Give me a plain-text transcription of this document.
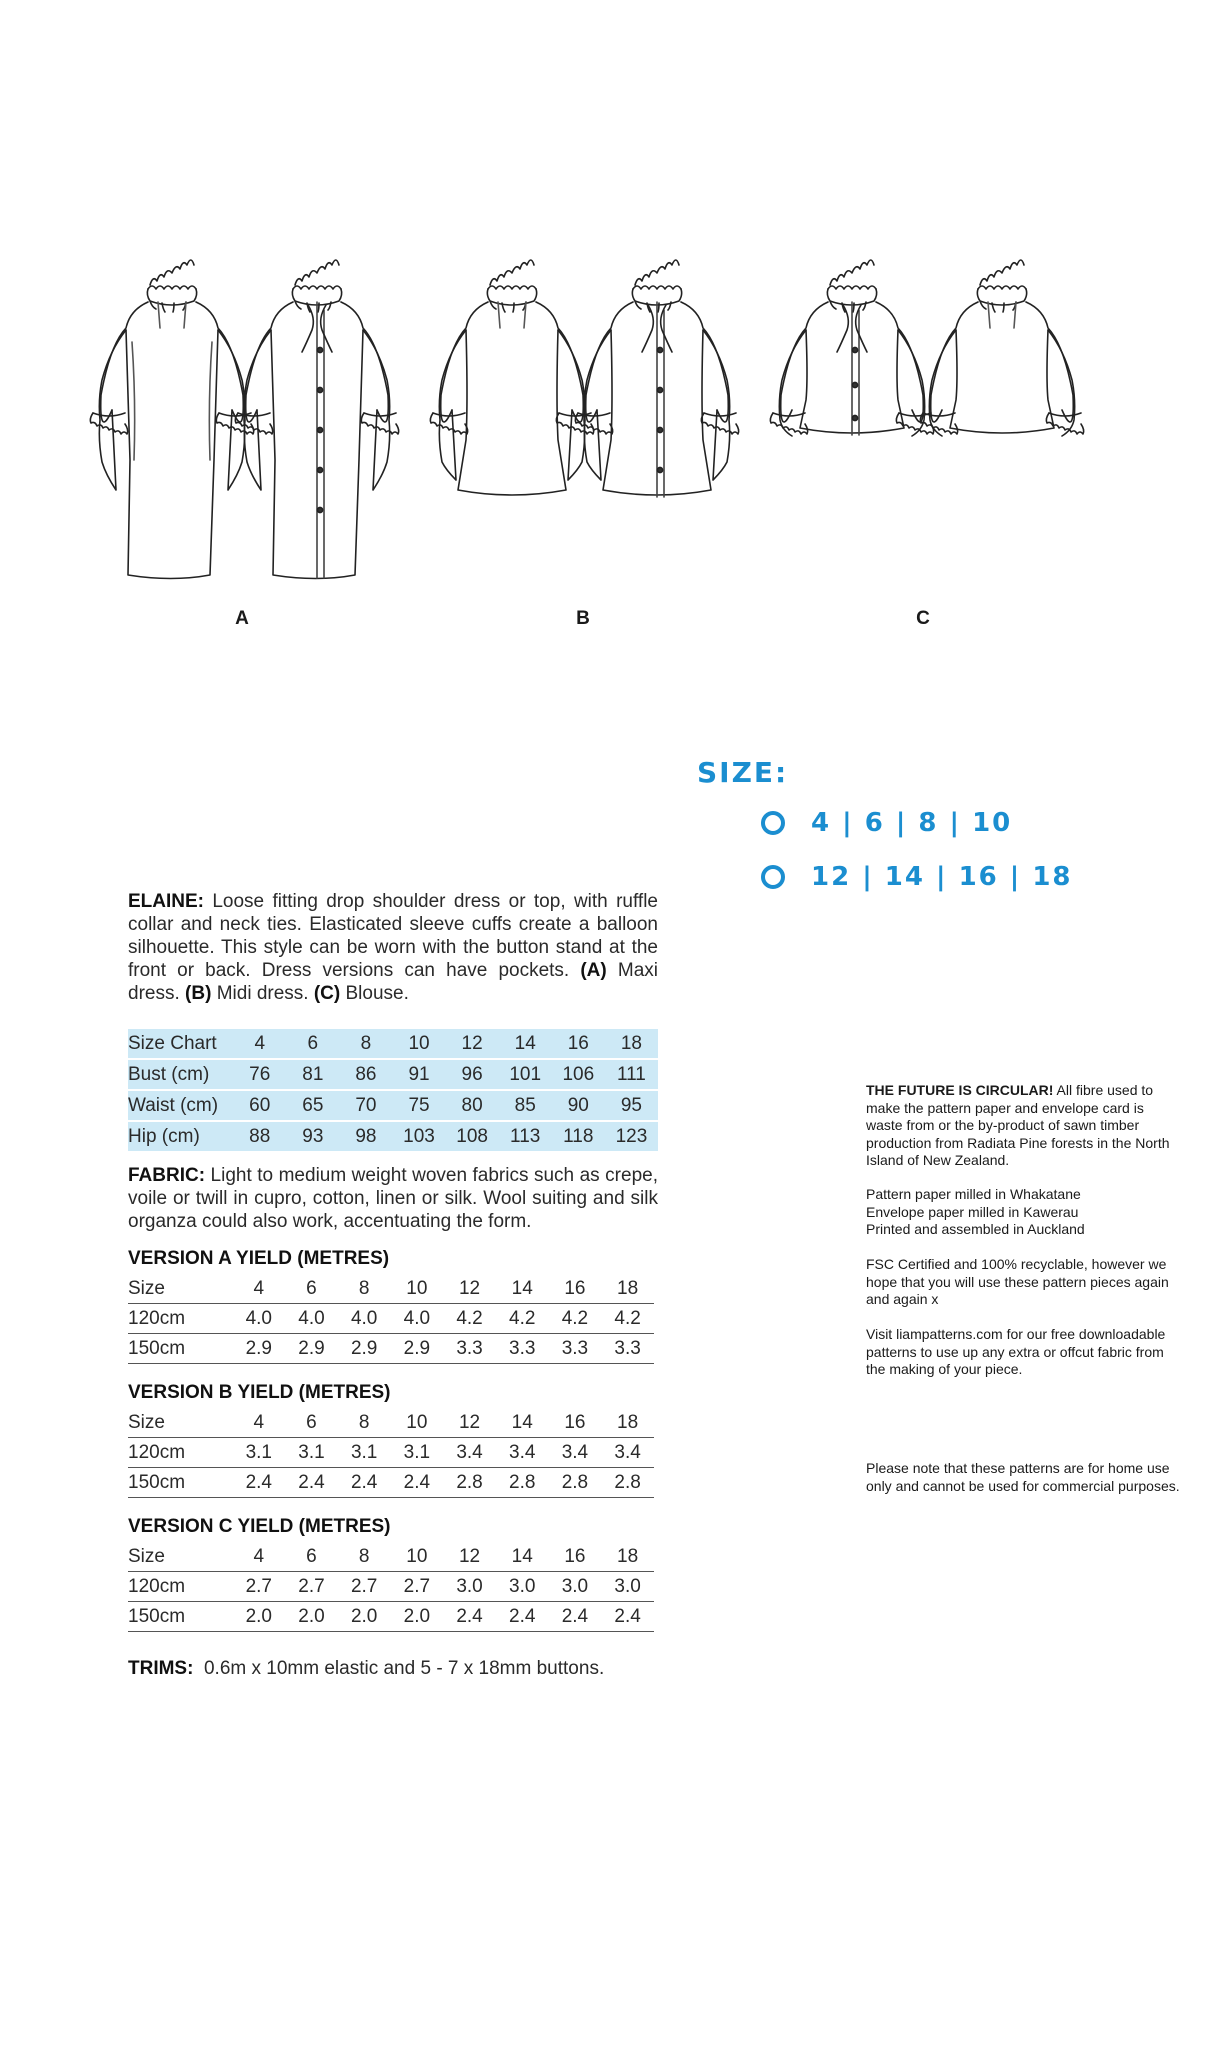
A	B	C
SIZE:
4 | 6 | 8 | 10
12 | 14 | 16 | 18
ELAINE: Loose fitting drop shoulder dress or top, with ruffle collar and neck ties. Elasticated sleeve cuffs create a balloon silhouette. This style can be worn with the button stand at the front or back. Dress versions can have pockets. (A) Maxi dress. (B) Midi dress. (C) Blouse.
Size Chart	4	6	8	10	12	14	16	18

Bust (cm)	76	81	86	91	96	101	106	111

Waist (cm)	60	65	70	75	80	85	90	95

Hip (cm)	88	93	98	103	108	113	118	123
FABRIC: Light to medium weight woven fabrics such as crepe, voile or twill in cupro, cotton, linen or silk. Wool suiting and silk organza could also work, accentuating the form.
VERSION A YIELD (METRES)
Size	4	6	8	10	12	14	16	18
120cm	4.0	4.0	4.0	4.0	4.2	4.2	4.2	4.2
150cm	2.9	2.9	2.9	2.9	3.3	3.3	3.3	3.3
VERSION B YIELD (METRES)
Size	4	6	8	10	12	14	16	18
120cm	3.1	3.1	3.1	3.1	3.4	3.4	3.4	3.4
150cm	2.4	2.4	2.4	2.4	2.8	2.8	2.8	2.8
VERSION C YIELD (METRES)
Size	4	6	8	10	12	14	16	18
120cm	2.7	2.7	2.7	2.7	3.0	3.0	3.0	3.0
150cm	2.0	2.0	2.0	2.0	2.4	2.4	2.4	2.4
TRIMS:  0.6m x 10mm elastic and 5 - 7 x 18mm buttons.

THE FUTURE IS CIRCULAR! All fibre used to make the pattern paper and envelope card is waste from or the by-product of sawn timber production from Radiata Pine forests in the North Island of New Zealand.

Pattern paper milled in Whakatane

Envelope paper milled in Kawerau

Printed and assembled in Auckland

FSC Certified and 100% recyclable, however we hope that you will use these pattern pieces again and again x

Visit liampatterns.com for our free downloadable patterns to use up any extra or offcut fabric from the making of your piece.

Please note that these patterns are for home use only and cannot be used for commercial purposes.
